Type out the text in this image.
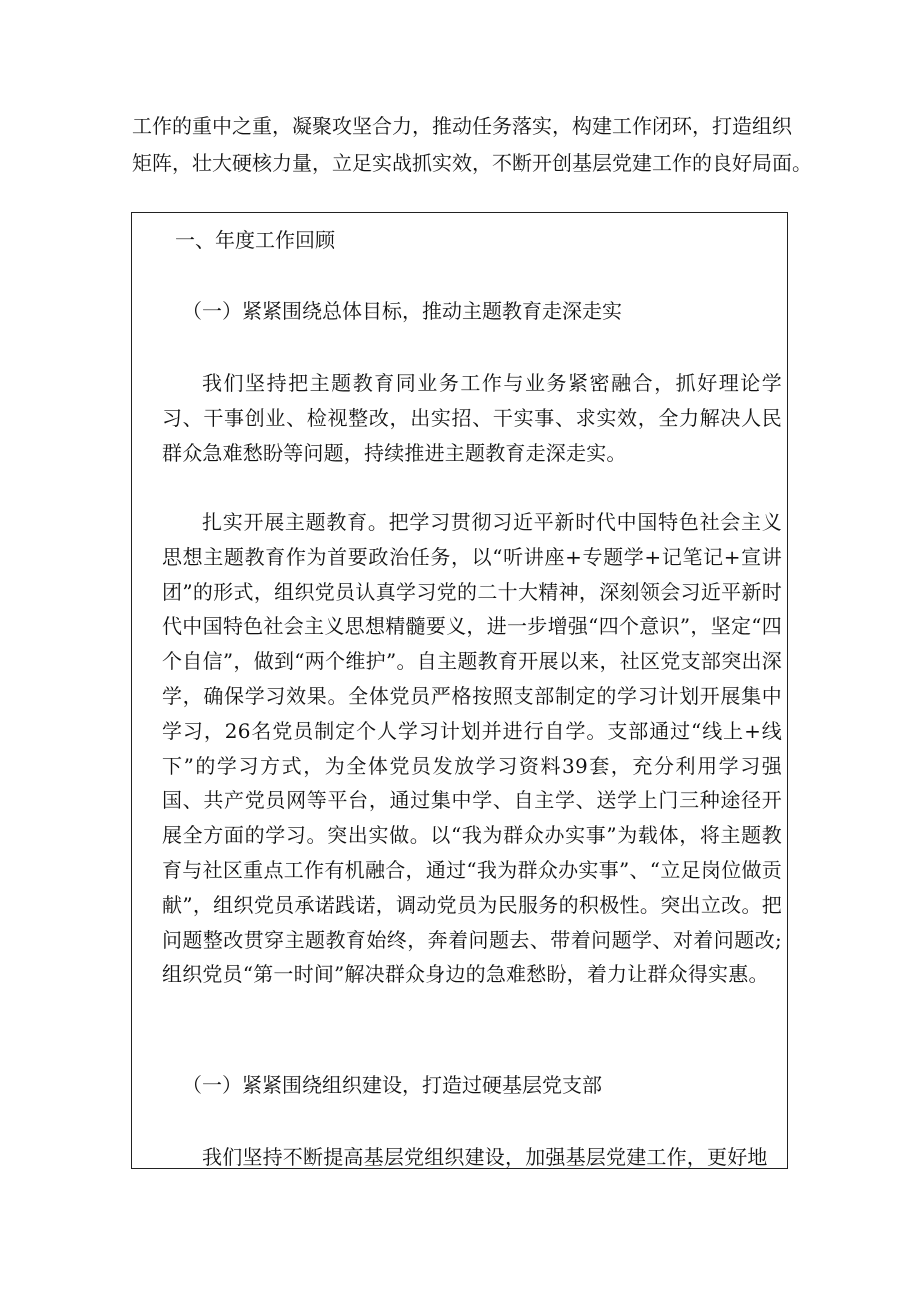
工作的重中之重，凝聚攻坚合力，推动任务落实，构建工作闭环，打造组织
矩阵，壮大硬核力量，立足实战抓实效，不断开创基层党建工作的良好局面。
一、年度工作回顾
（一）紧紧围绕总体目标，推动主题教育走深走实
我们坚持把主题教育同业务工作与业务紧密融合，抓好理论学习、干事创业、检视整改，出实招、干实事、求实效，全力解决人民群众急难愁盼等问题，持续推进主题教育走深走实。
扎实开展主题教育。把学习贯彻习近平新时代中国特色社会主义思想主题教育作为首要政治任务，以“听讲座+专题学+记笔记+宣讲团”的形式，组织党员认真学习党的二十大精神，深刻领会习近平新时代中国特色社会主义思想精髓要义，进一步增强“四个意识”，坚定“四个自信”，做到“两个维护”。自主题教育开展以来，社区党支部突出深学，确保学习效果。全体党员严格按照支部制定的学习计划开展集中学习，26名党员制定个人学习计划并进行自学。支部通过“线上+线下”的学习方式，为全体党员发放学习资料39套，充分利用学习强国、共产党员网等平台，通过集中学、自主学、送学上门三种途径开展全方面的学习。突出实做。以“我为群众办实事”为载体，将主题教育与社区重点工作有机融合，通过“我为群众办实事”、“立足岗位做贡献”，组织党员承诺践诺，调动党员为民服务的积极性。突出立改。把问题整改贯穿主题教育始终，奔着问题去、带着问题学、对着问题改;组织党员“第一时间”解决群众身边的急难愁盼，着力让群众得实惠。
（一）紧紧围绕组织建设，打造过硬基层党支部
我们坚持不断提高基层党组织建设，加强基层党建工作，更好地
